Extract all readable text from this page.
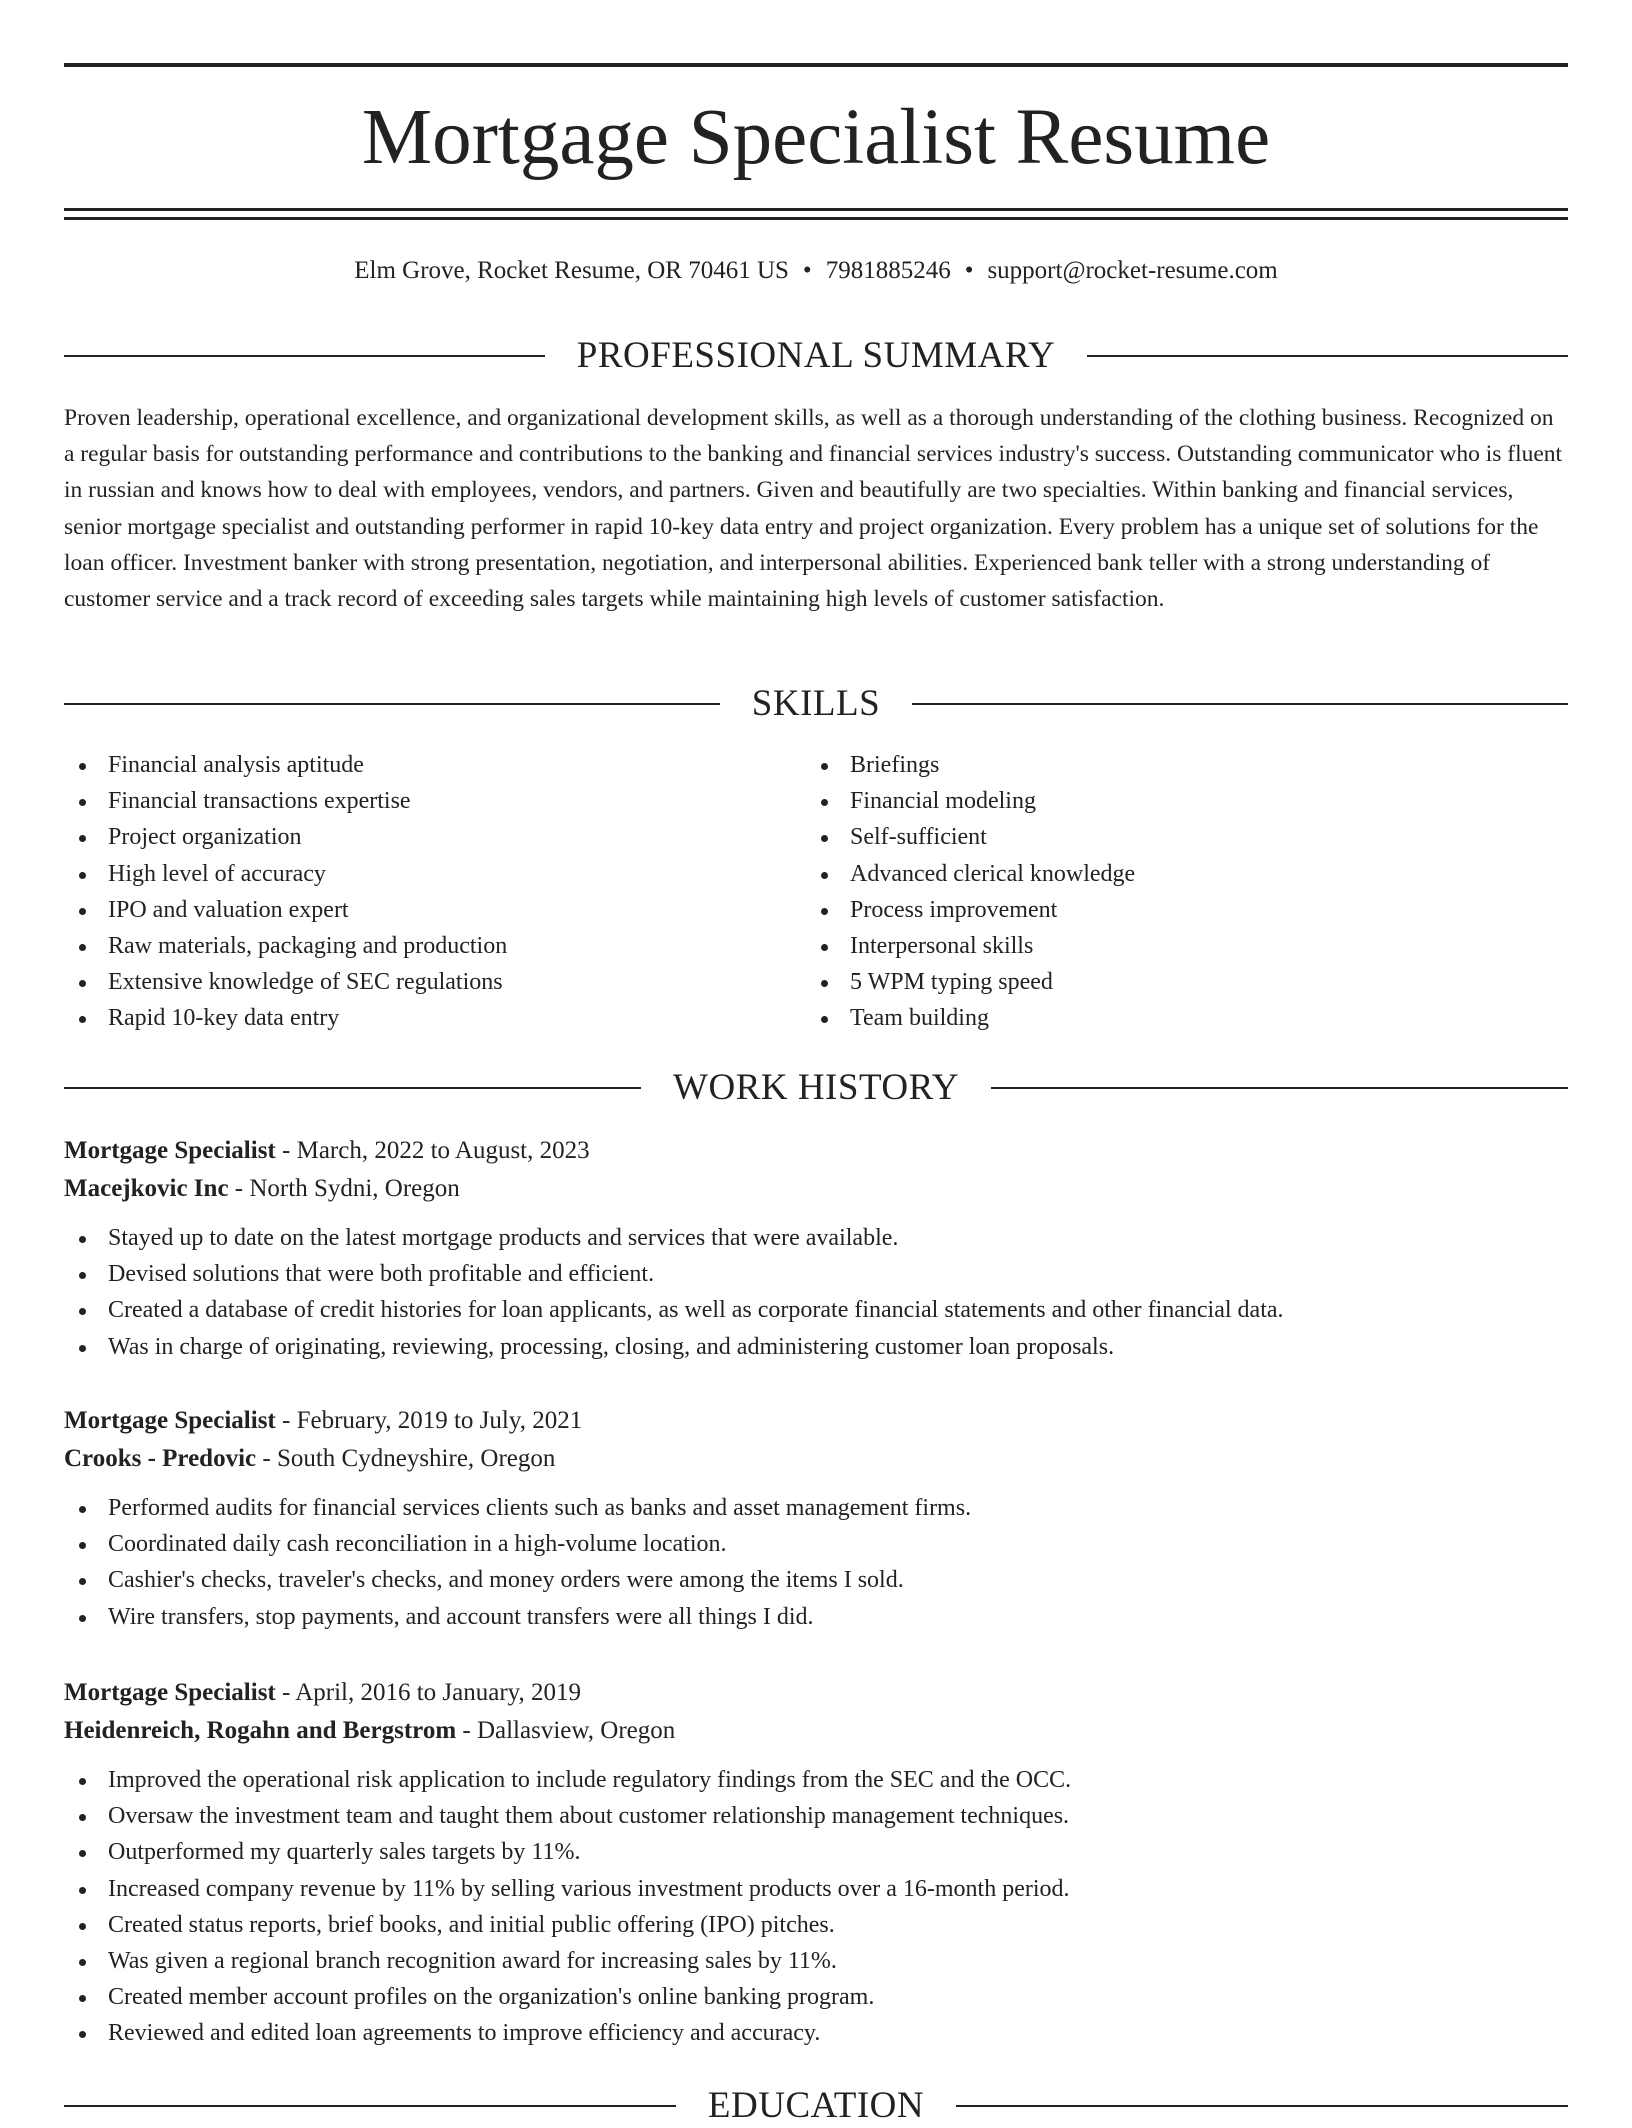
Mortgage Specialist Resume
Elm Grove, Rocket Resume, OR 70461 US • 7981885246 • support@rocket-resume.com
PROFESSIONAL SUMMARY

Proven leadership, operational excellence, and organizational development skills, as well as a thorough understanding of the clothing business. Recognized on a regular basis for outstanding performance and contributions to the banking and financial services industry's success. Outstanding communicator who is fluent in russian and knows how to deal with employees, vendors, and partners. Given and beautifully are two specialties. Within banking and financial services, senior mortgage specialist and outstanding performer in rapid 10-key data entry and project organization. Every problem has a unique set of solutions for the loan officer. Investment banker with strong presentation, negotiation, and interpersonal abilities. Experienced bank teller with a strong understanding of customer service and a track record of exceeding sales targets while maintaining high levels of customer satisfaction.

SKILLS
Financial analysis aptitude
Financial transactions expertise
Project organization
High level of accuracy
IPO and valuation expert
Raw materials, packaging and production
Extensive knowledge of SEC regulations
Rapid 10-key data entry
Briefings
Financial modeling
Self-sufficient
Advanced clerical knowledge
Process improvement
Interpersonal skills
5 WPM typing speed
Team building
WORK HISTORY
Mortgage Specialist - March, 2022 to August, 2023
Macejkovic Inc - North Sydni, Oregon
Stayed up to date on the latest mortgage products and services that were available.
Devised solutions that were both profitable and efficient.
Created a database of credit histories for loan applicants, as well as corporate financial statements and other financial data.
Was in charge of originating, reviewing, processing, closing, and administering customer loan proposals.
Mortgage Specialist - February, 2019 to July, 2021
Crooks - Predovic - South Cydneyshire, Oregon
Performed audits for financial services clients such as banks and asset management firms.
Coordinated daily cash reconciliation in a high-volume location.
Cashier's checks, traveler's checks, and money orders were among the items I sold.
Wire transfers, stop payments, and account transfers were all things I did.
Mortgage Specialist - April, 2016 to January, 2019
Heidenreich, Rogahn and Bergstrom - Dallasview, Oregon
Improved the operational risk application to include regulatory findings from the SEC and the OCC.
Oversaw the investment team and taught them about customer relationship management techniques.
Outperformed my quarterly sales targets by 11%.
Increased company revenue by 11% by selling various investment products over a 16-month period.
Created status reports, brief books, and initial public offering (IPO) pitches.
Was given a regional branch recognition award for increasing sales by 11%.
Created member account profiles on the organization's online banking program.
Reviewed and edited loan agreements to improve efficiency and accuracy.
EDUCATION
